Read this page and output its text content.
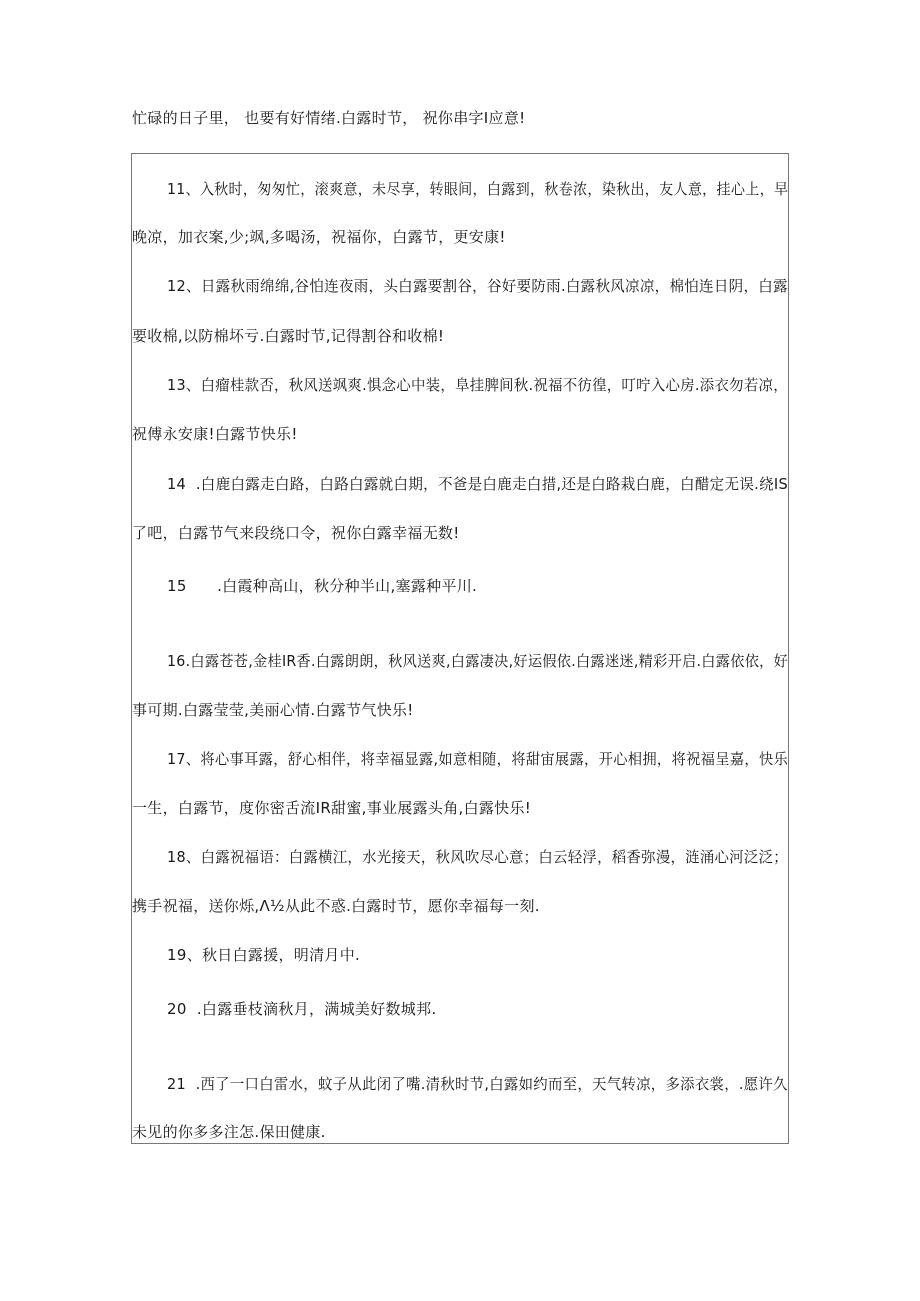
忙碌的日子里， 也要有好情绪.白露时节， 祝你串字I应意!

11、入秋时，匆匆忙，滚爽意，未尽享，转眼间，白露到，秋卷浓，染秋出，友人意，挂心上，早
晚凉，加衣案,少;飒,多喝汤，祝福你，白露节，更安康!
12、日露秋雨绵绵,谷怕连夜雨，头白露要割谷，谷好要防雨.白露秋风凉凉，棉怕连日阴，白露
要收棉,以防棉坏亏.白露时节,记得割谷和收棉!
13、白瘤桂款否，秋风送飒爽.惧念心中装，阜挂脾间秋.祝福不彷徨，叮咛入心房.添衣勿若凉，
祝傅永安康!白露节快乐!
14  .白鹿白露走白路，白路白露就白期，不爸是白鹿走白措,还是白路栽白鹿，白醋定无误.绕IS
了吧，白露节气来段绕口令，祝你白露幸福无数!
15      .白霞种高山，秋分种半山,塞露种平川.
16.白露苍苍,金桂IR香.白露朗朗，秋风送爽,白露凄决,好运假依.白露迷迷,精彩开启.白露依依，好
事可期.白露莹莹,美丽心情.白露节气快乐!
17、将心事耳露，舒心相伴，将幸福显露,如意相随，将甜宙展露，开心相拥，将祝福呈嘉，快乐
一生，白露节，度你密舌流IR甜蜜,事业展露头角,白露快乐!
18、白露祝福语：白露横江，水光接天，秋风吹尽心意；白云轻浮，稻香弥漫，涟涌心河泛泛；
携手祝福，送你烁,Λ½从此不惑.白露时节，愿你幸福每一刻.
19、秋日白露援，明清月中.
20  .白露垂枝滴秋月，满城美好数城邦.
21  .西了一口白雷水，蚊子从此闭了嘴.清秋时节,白露如约而至，天气转凉，多添衣裳，.愿许久
未见的你多多注怎.保田健康.
